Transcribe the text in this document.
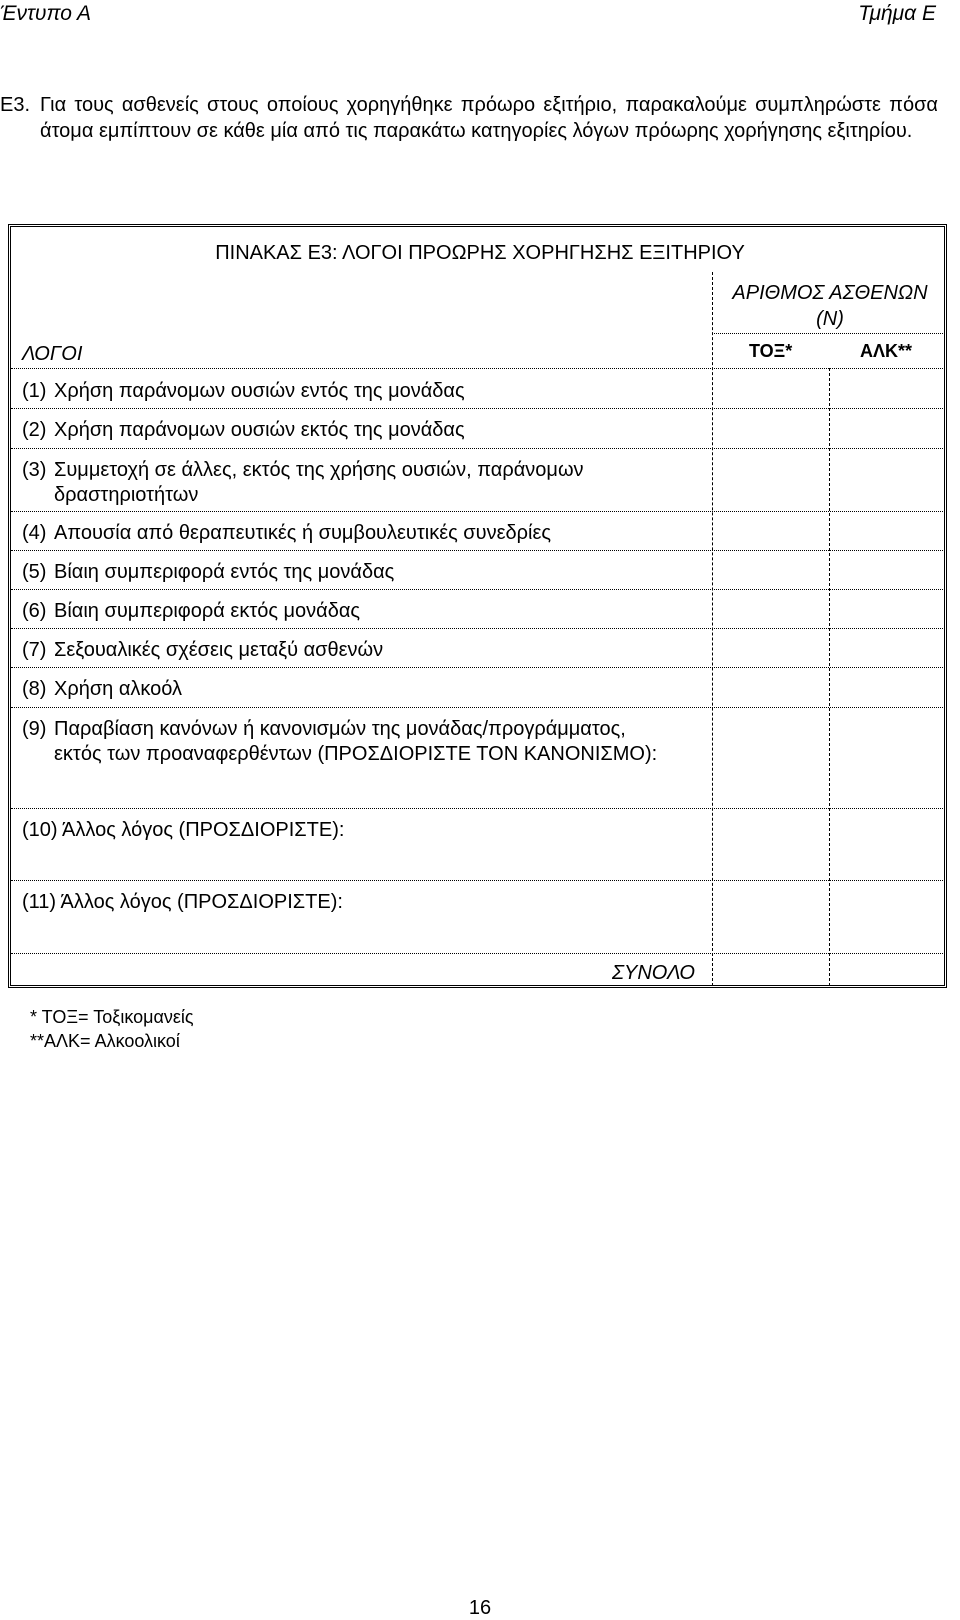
Έντυπο Α	Τμήμα Ε
Ε3. Για τους ασθενείς στους οποίους χορηγήθηκε πρόωρο εξιτήριο, παρακαλούμε συμπληρώστε πόσα άτομα εμπίπτουν σε κάθε μία από τις παρακάτω κατηγορίες λόγων πρόωρης χορήγησης εξιτηρίου.
ΠΙΝΑΚΑΣ Ε3: ΛΟΓΟΙ ΠΡΟΩΡΗΣ ΧΟΡΗΓΗΣΗΣ ΕΞΙΤΗΡΙΟΥ
ΑΡΙΘΜΟΣ ΑΣΘΕΝΩΝ
(Ν)
ΛΟΓΟΙ	ΤΟΞ*	ΑΛΚ**
(1) Χρήση παράνομων ουσιών εντός της μονάδας
(2) Χρήση παράνομων ουσιών εκτός της μονάδας
(3) Συμμετοχή σε άλλες, εκτός της χρήσης ουσιών, παράνομων
δραστηριοτήτων
(4) Απουσία από θεραπευτικές ή συμβουλευτικές συνεδρίες
(5) Βίαιη συμπεριφορά εντός της μονάδας
(6) Βίαιη συμπεριφορά εκτός μονάδας
(7) Σεξουαλικές σχέσεις μεταξύ ασθενών
(8) Χρήση αλκοόλ
(9) Παραβίαση κανόνων ή κανονισμών της μονάδας/προγράμματος,
εκτός των προαναφερθέντων (ΠΡΟΣΔΙΟΡΙΣΤΕ ΤΟΝ ΚΑΝΟΝΙΣΜΟ):
(10) Άλλος λόγος (ΠΡΟΣΔΙΟΡΙΣΤΕ):
(11) Άλλος λόγος (ΠΡΟΣΔΙΟΡΙΣΤΕ):
ΣΥΝΟΛΟ
* ΤΟΞ= Τοξικομανείς
**ΑΛΚ= Αλκοολικοί
16
